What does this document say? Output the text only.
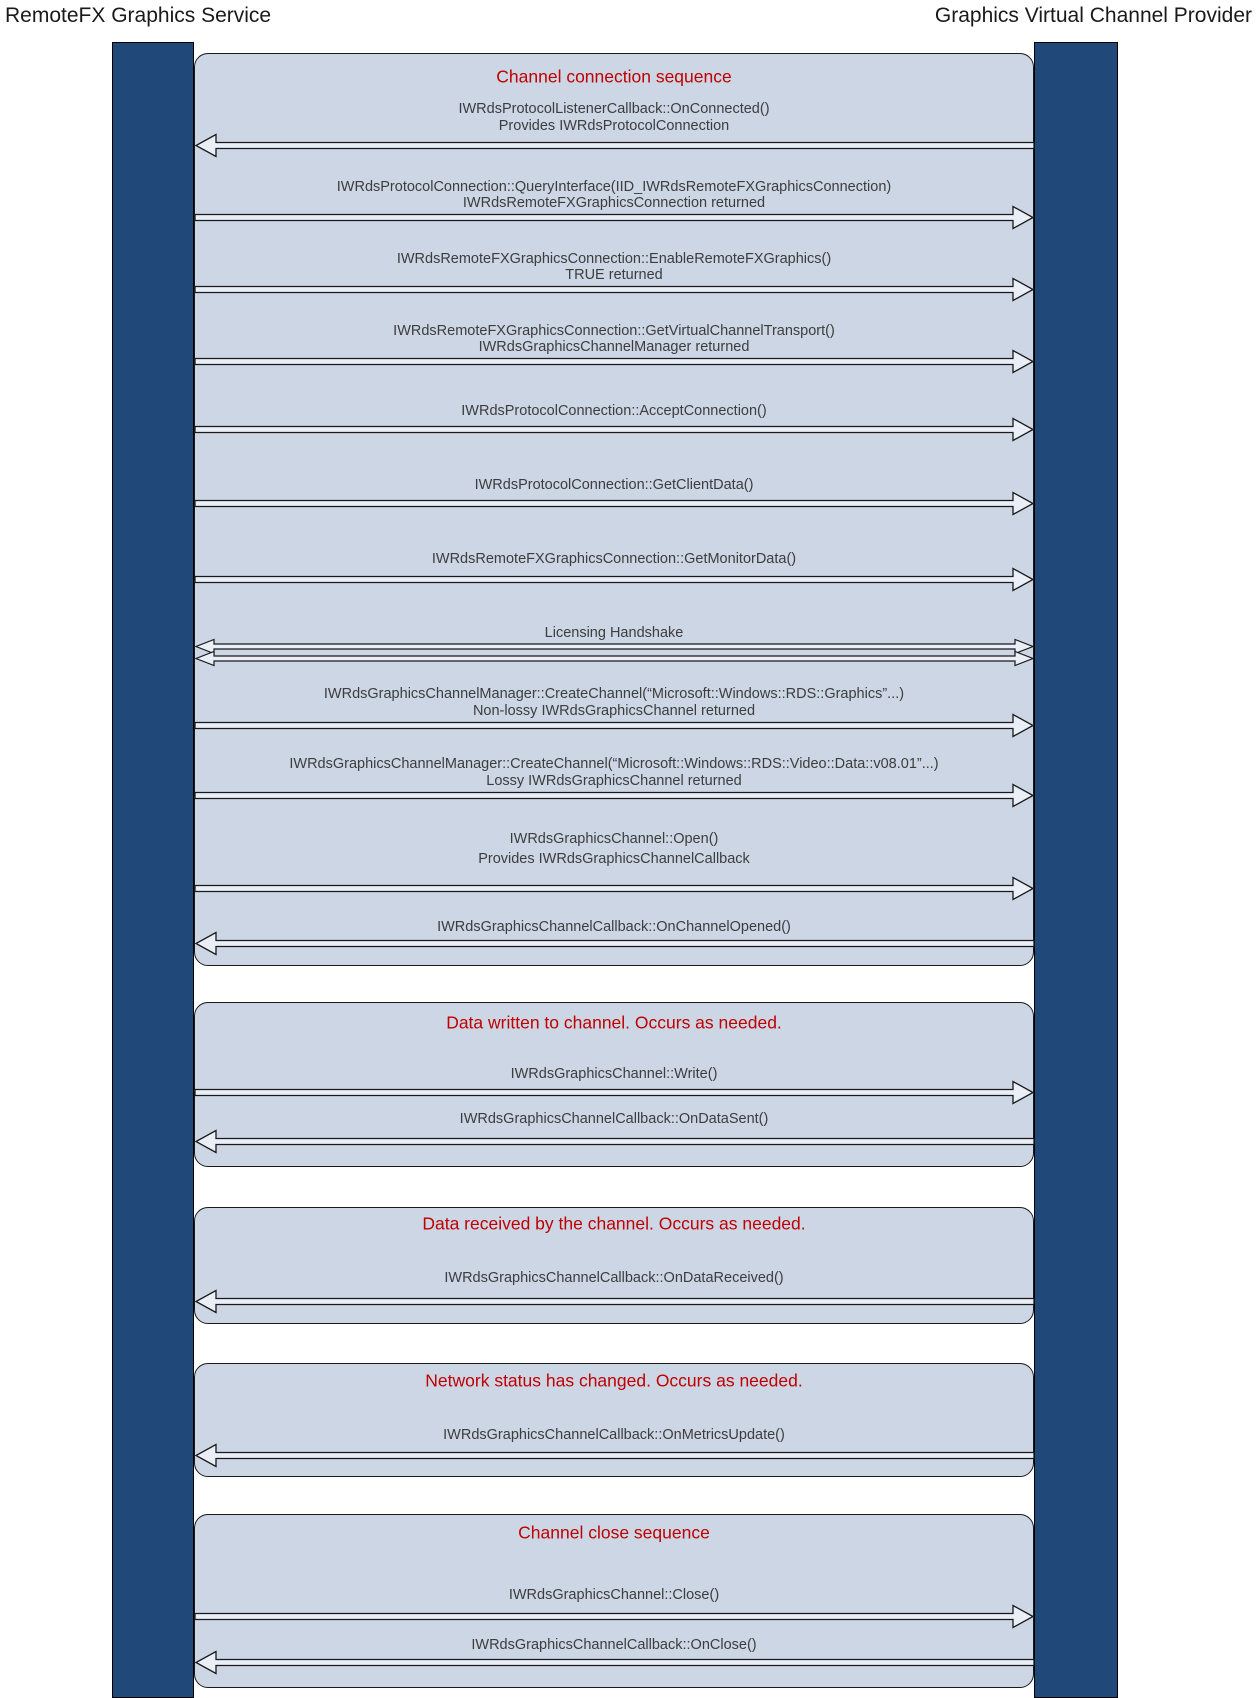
RemoteFX Graphics Service	Graphics Virtual Channel Provider
Channel connection sequence
IWRdsProtocolListenerCallback::OnConnected()
Provides IWRdsProtocolConnection
IWRdsProtocolConnection::QueryInterface(IID_IWRdsRemoteFXGraphicsConnection)
IWRdsRemoteFXGraphicsConnection returned
IWRdsRemoteFXGraphicsConnection::EnableRemoteFXGraphics()
TRUE returned
IWRdsRemoteFXGraphicsConnection::GetVirtualChannelTransport()
IWRdsGraphicsChannelManager returned
IWRdsProtocolConnection::AcceptConnection()
IWRdsProtocolConnection::GetClientData()
IWRdsRemoteFXGraphicsConnection::GetMonitorData()
Licensing Handshake
IWRdsGraphicsChannelManager::CreateChannel(“Microsoft::Windows::RDS::Graphics”...)
Non-lossy IWRdsGraphicsChannel returned
IWRdsGraphicsChannelManager::CreateChannel(“Microsoft::Windows::RDS::Video::Data::v08.01”...)
Lossy IWRdsGraphicsChannel returned
IWRdsGraphicsChannel::Open()
Provides IWRdsGraphicsChannelCallback
IWRdsGraphicsChannelCallback::OnChannelOpened()
Data written to channel. Occurs as needed.
IWRdsGraphicsChannel::Write()
IWRdsGraphicsChannelCallback::OnDataSent()
Data received by the channel. Occurs as needed.
IWRdsGraphicsChannelCallback::OnDataReceived()
Network status has changed. Occurs as needed.
IWRdsGraphicsChannelCallback::OnMetricsUpdate()
Channel close sequence
IWRdsGraphicsChannel::Close()
IWRdsGraphicsChannelCallback::OnClose()
